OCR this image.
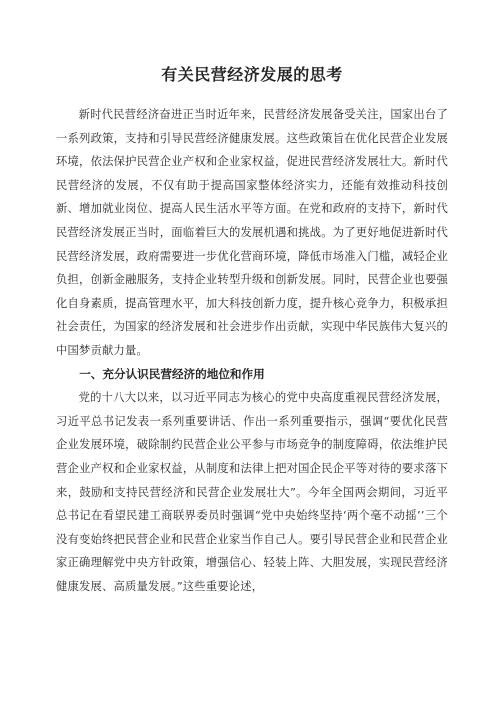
有关民营经济发展的思考

新时代民营经济奋进正当时近年来，民营经济发展备受关注，国家出台了一系列政策，支持和引导民营经济健康发展。这些政策旨在优化民营企业发展环境，依法保护民营企业产权和企业家权益，促进民营经济发展壮大。新时代民营经济的发展，不仅有助于提高国家整体经济实力，还能有效推动科技创新、增加就业岗位、提高人民生活水平等方面。在党和政府的支持下，新时代民营经济发展正当时，面临着巨大的发展机遇和挑战。为了更好地促进新时代民营经济发展，政府需要进一步优化营商环境，降低市场准入门槛，减轻企业负担，创新金融服务，支持企业转型升级和创新发展。同时，民营企业也要强化自身素质，提高管理水平，加大科技创新力度，提升核心竞争力，积极承担社会责任，为国家的经济发展和社会进步作出贡献，实现中华民族伟大复兴的中国梦贡献力量。

一、充分认识民营经济的地位和作用

党的十八大以来，以习近平同志为核心的党中央高度重视民营经济发展，习近平总书记发表一系列重要讲话、作出一系列重要指示，强调“要优化民营企业发展环境，破除制约民营企业公平参与市场竞争的制度障碍，依法维护民营企业产权和企业家权益，从制度和法律上把对国企民企平等对待的要求落下来，鼓励和支持民营经济和民营企业发展壮大”。今年全国两会期间，习近平总书记在看望民建工商联界委员时强调“党中央始终坚持‘两个毫不动摇’’三个没有变始终把民营企业和民营企业家当作自己人。要引导民营企业和民营企业家正确理解党中央方针政策，增强信心、轻装上阵、大胆发展，实现民营经济健康发展、高质量发展。”这些重要论述，
